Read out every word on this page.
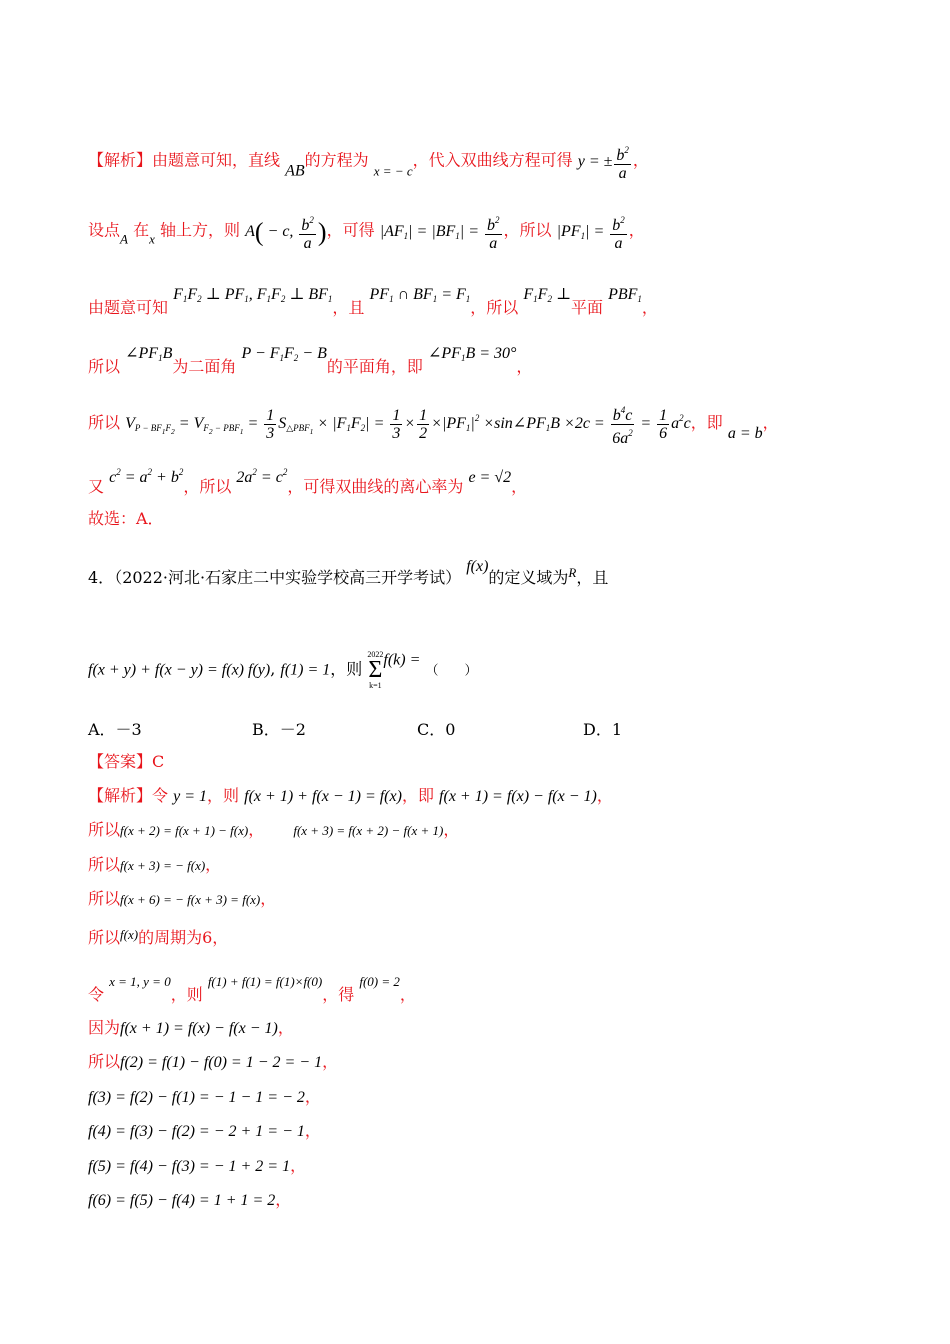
【解析】由题意可知，直线 AB的方程为 $_{x = - c}$，代入双曲线方程可得 y = ± $\frac{b^2}{a}$ ，
设点$_A$ 在$_x$ 轴上方，则 A( − c, $\frac{b^2}{a}$ )，可得 $|AF_1| = |BF_1| = \frac{b^2}{a}$ ，所以 $|PF_1| = \frac{b^2}{a}$ ，
由题意可知 $F_1F_2$ ⊥ $PF_1$, $F_1F_2$ ⊥ $BF_1$，且 $PF_1$ ∩ $BF_1 = F_1$，所以 $F_1F_2$ ⊥平面 $PBF_1$，
所以 $\angle PF_1B$为二面角 $P - F_1F_2 - B$的平面角，即 $\angle PF_1B = 30^\circ$，
所以 $V_{P - BF_1F_2} = V_{F_2 - PBF_1} = \frac{1}{3} S_{\triangle PBF_1} \times |F_1F_2| = \frac{1}{3} \times \frac{1}{2} \times|PF_1|^2$ $\times\sin\angle PF_1B \times 2c = \frac{b^4c}{6a^2} = \frac{1}{6} a^2c$，即 a = b，
又 $c^2 = a^2 + b^2$，所以 $2a^2 = c^2$，可得双曲线的离心率为 e = √2，
故选：A．
4．（2022·河北·石家庄二中实验学校高三开学考试） f(x)的定义域为$^R$，且
f(x + y) + f(x − y) = f(x) f(y), f(1) = 1，则
2022
Σ
k=1
f(k) = （　　）
A．－3	B．－2	C．0	D．1
【答案】C
【解析】令 y = 1，则 f(x + 1) + f(x − 1) = f(x)，即 f(x + 1) = f(x) − f(x − 1)，
所以f(x + 2) = f(x + 1) − f(x)， f(x + 3) = f(x + 2) − f(x + 1)，
所以f(x + 3) = − f(x)，
所以f(x + 6) = − f(x + 3) = f(x)，
所以$^{f(x)}$的周期为6，
令 $^{x = 1, y = 0}$，则 $^{f(1) + f(1) = f(1)\times f(0)}$，得 $^{f(0) = 2}$，
因为f(x + 1) = f(x) − f(x − 1)，
所以f(2) = f(1) − f(0) = 1 − 2 = − 1，
f(3) = f(2) − f(1) = − 1 − 1 = − 2，
f(4) = f(3) − f(2) = − 2 + 1 = − 1，
f(5) = f(4) − f(3) = − 1 + 2 = 1，
f(6) = f(5) − f(4) = 1 + 1 = 2，
